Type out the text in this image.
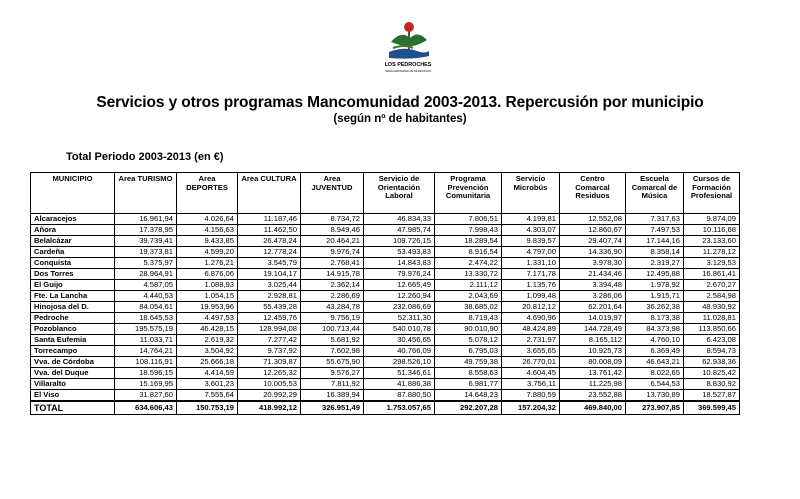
LOS PEDROCHES
MANCOMUNIDAD DE MUNICIPIOS
Servicios y otros programas Mancomunidad 2003-2013. Repercusión por municipio
(según nº de habitantes)
Total Periodo 2003-2013 (en €)
MUNICIPIO	Area TURISMO	Area DEPORTES	Area CULTURA	Area JUVENTUD	Servicio de Orientación Laboral	Programa Prevención Comunitaria	Servicio Microbús	Centro Comarcal Residuos	Escuela Comarcal de Música	Cursos de Formación Profesional
Alcaracejos	16.961,94	4.026,64	11.187,46	8.734,72	46.834,33	7.806,51	4.199,81	12.552,08	7.317,63	9.874,09
Añora	17.378,95	4.156,63	11.462,50	8.949,46	47.985,74	7.998,43	4.303,07	12.860,67	7.497,53	10.116,68
Belalcázar	39.739,41	9.433,85	26.478,24	20.464,21	109.726,15	18.289,54	9.839,57	29.407,74	17.144,16	23.133,60
Cardeña	19.373,81	4.599,20	12.778,24	9.976,74	53.493,83	8.916,54	4.797,00	14.336,90	8.358,14	11.278,12
Conquista	5.375,97	1.276,21	3.545,79	2.768,41	14.843,83	2.474,22	1.331,10	3.978,30	2.319,27	3.129,53
Dos Torres	28.964,91	6.876,06	19.104,17	14.915,78	79.976,24	13.330,72	7.171,78	21.434,46	12.495,88	16.861,41
El Guijo	4.587,05	1.088,93	3.025,44	2.362,14	12.665,49	2.111,12	1.135,76	3.394,48	1.978,92	2.670,27
Fte. La Lancha	4.440,53	1.054,15	2.928,81	2.286,69	12.260,94	2.043,69	1.099,48	3.286,06	1.915,71	2.584,98
Hinojosa del D.	84.054,61	19.953,96	55.439,28	43.284,78	232.086,69	38.685,02	20.812,12	62.201,64	36.262,38	48.930,92
Pedroche	18.645,53	4.497,53	12.459,76	9.756,19	52.311,30	8.719,43	4.690,96	14.019,97	8.173,38	11.028,81
Pozoblanco	195.575,19	46.428,15	128.994,08	100.713,44	540.010,78	90.010,90	48.424,89	144.728,49	84.373,98	113.850,66
Santa Eufemia	11.033,71	2.619,32	7.277,42	5.681,92	30.456,65	5.078,12	2.731,97	8.165,112	4.760,10	6.423,08
Torrecampo	14.764,21	3.504,92	9.737,92	7.602,98	40.766,09	6.795,03	3.655,65	10.925,73	6.369,49	8.594,73
Vva. de Córdoba	108.116,91	25.666,18	71.309,87	55.675,90	298.526,10	49.759,38	26.770,01	80.008,09	46.643,21	62.938,36
Vva. del Duque	18.596,15	4.414,59	12.265,32	9.576,27	51.346,61	8.558,63	4.604,45	13.761,42	8.022,65	10.825,42
Villaralto	15.169,95	3.601,23	10.005,53	7.811,92	41.886,38	6.981,77	3.756,11	11.225,98	6.544,53	8.830,92
El Viso	31.827,60	7.555,64	20.992,29	16.389,94	87.880,50	14.648,23	7.880,59	23.552,88	13.730,89	18.527,87
TOTAL	634.606,43	150.753,19	418.992,12	326.951,49	1.753.057,65	292.207,28	157.204,32	469.840,00	273.907,85	369.599,45
